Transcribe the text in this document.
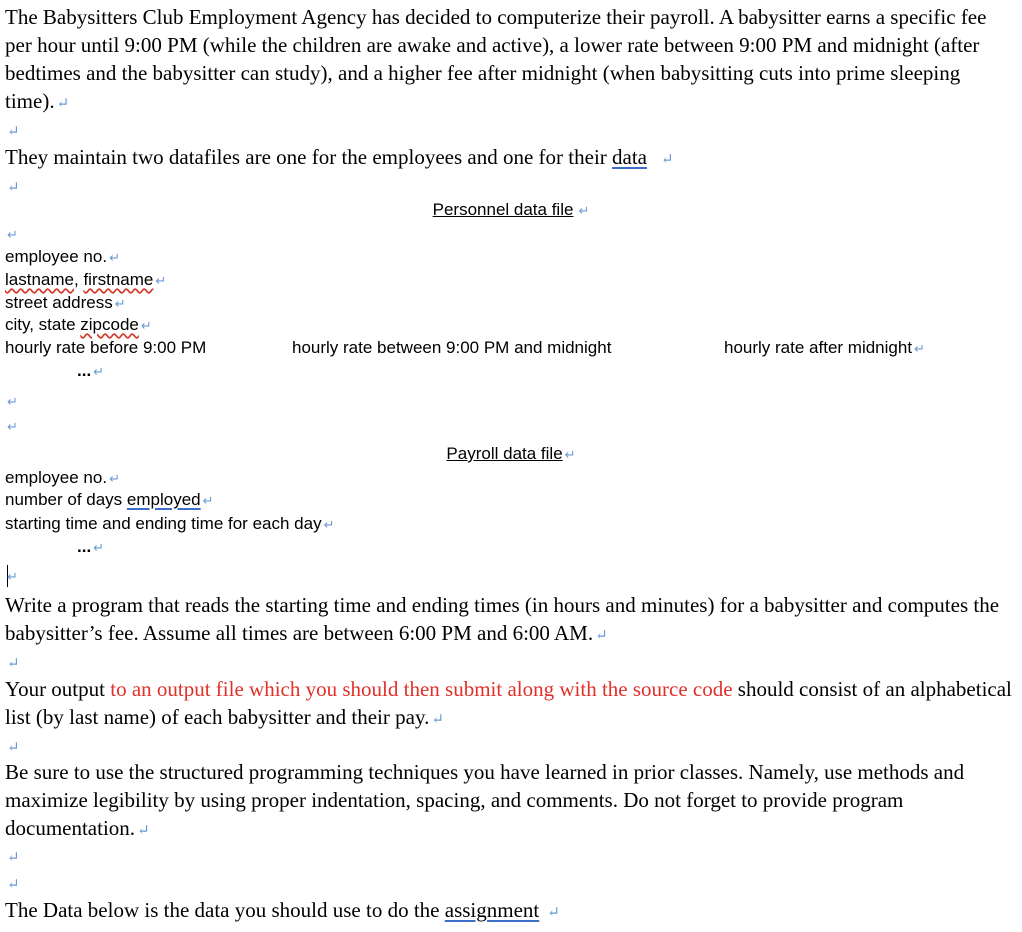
The Babysitters Club Employment Agency has decided to computerize their payroll. A babysitter earns a specific fee per hour until 9:00 PM (while the children are awake and active), a lower rate between 9:00 PM and midnight (after bedtimes and the babysitter can study), and a higher fee after midnight (when babysitting cuts into prime sleeping time). ↵
↵
They maintain two datafiles are one for the employees and one for their data ↵
↵
Personnel data file ↵
↵
employee no. ↵
lastname, firstname ↵
street address ↵
city, state zipcode ↵
hourly rate before 9:00 PM	hourly rate between 9:00 PM and midnight	hourly rate after midnight ↵
... ↵
↵
↵
Payroll data file ↵
employee no. ↵
number of days employed ↵
starting time and ending time for each day ↵
... ↵
↵
Write a program that reads the starting time and ending times (in hours and minutes) for a babysitter and computes the babysitter’s fee. Assume all times are between 6:00 PM and 6:00 AM. ↵
↵
Your output to an output file which you should then submit along with the source code should consist of an alphabetical list (by last name) of each babysitter and their pay. ↵
↵
Be sure to use the structured programming techniques you have learned in prior classes. Namely, use methods and maximize legibility by using proper indentation, spacing, and comments. Do not forget to provide program documentation. ↵
↵
↵
The Data below is the data you should use to do the assignment ↵
